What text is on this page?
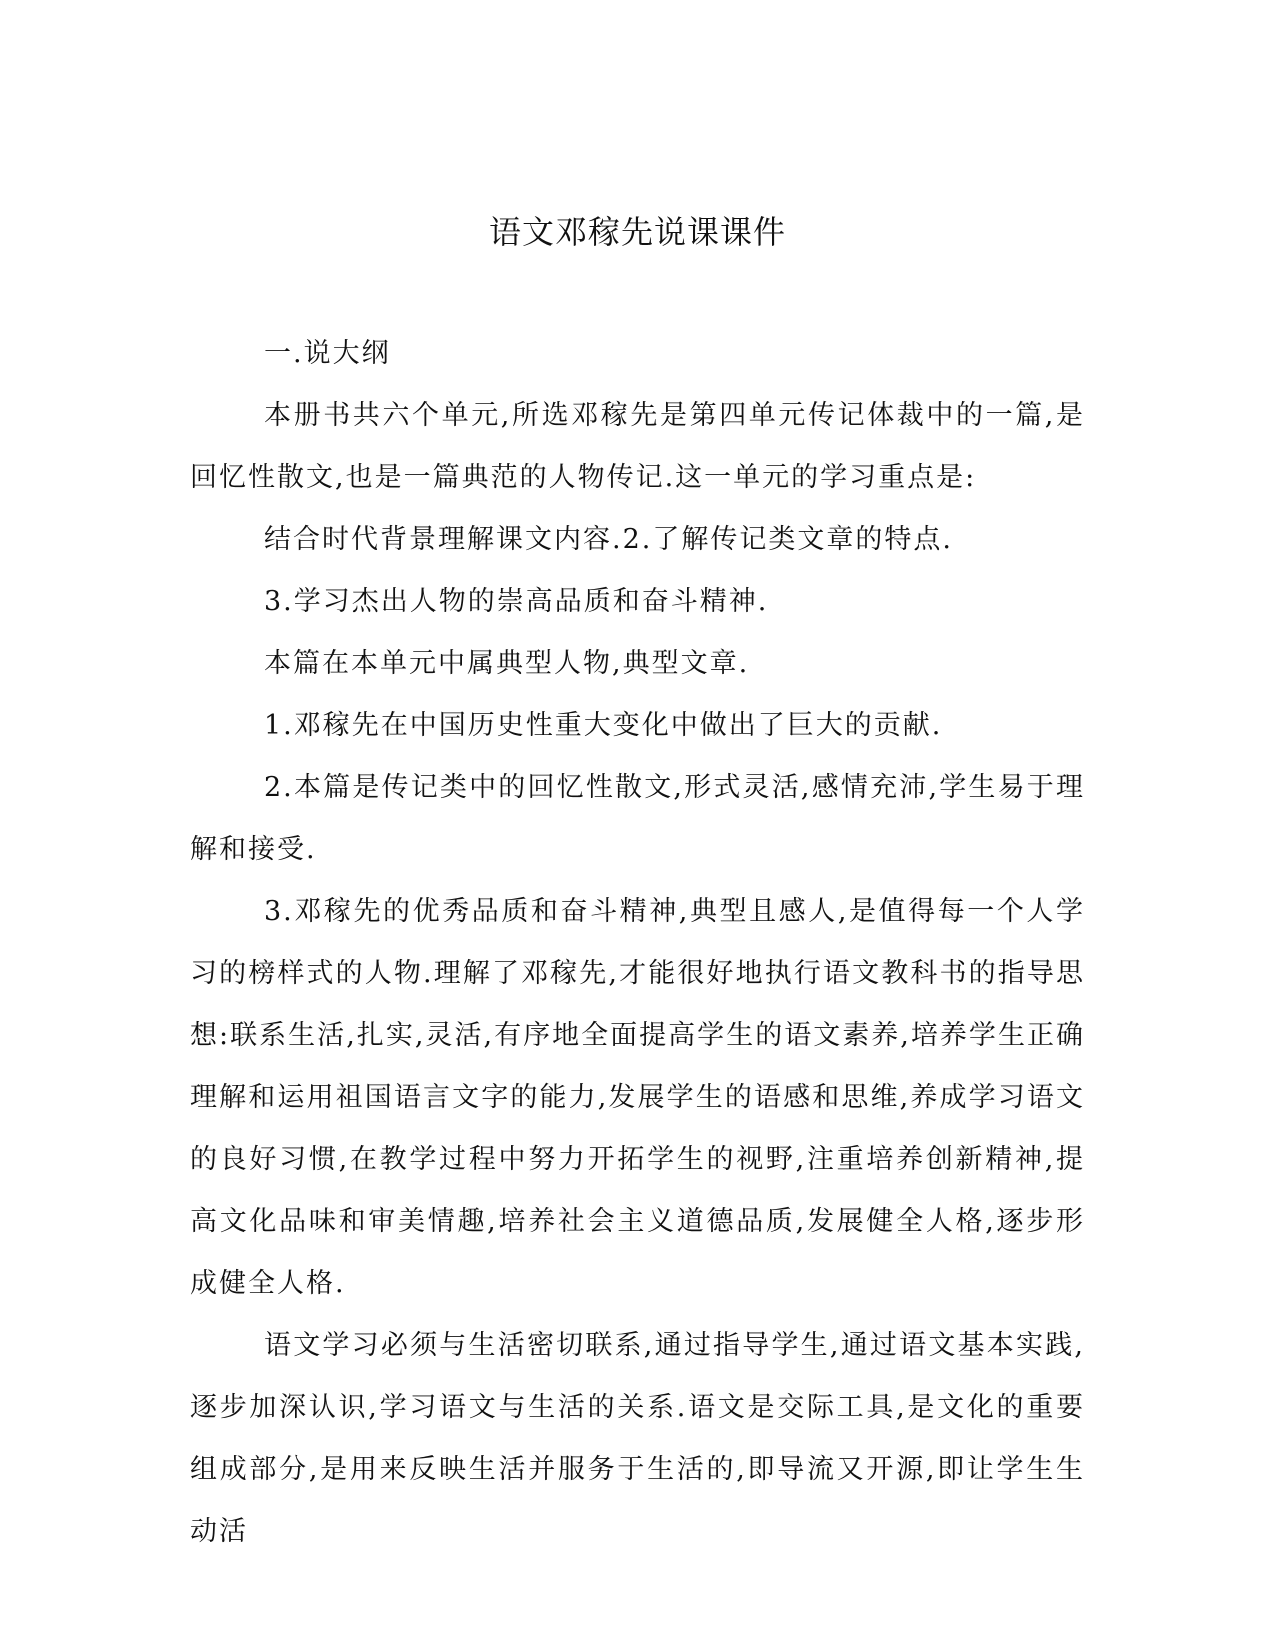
语文邓稼先说课课件

一.说大纲

本册书共六个单元,所选邓稼先是第四单元传记体裁中的一篇,是回忆性散文,也是一篇典范的人物传记.这一单元的学习重点是:

结合时代背景理解课文内容.2.了解传记类文章的特点.

3.学习杰出人物的崇高品质和奋斗精神.

本篇在本单元中属典型人物,典型文章.

1.邓稼先在中国历史性重大变化中做出了巨大的贡献.

2.本篇是传记类中的回忆性散文,形式灵活,感情充沛,学生易于理解和接受.

3.邓稼先的优秀品质和奋斗精神,典型且感人,是值得每一个人学习的榜样式的人物.理解了邓稼先,才能很好地执行语文教科书的指导思想:联系生活,扎实,灵活,有序地全面提高学生的语文素养,培养学生正确理解和运用祖国语言文字的能力,发展学生的语感和思维,养成学习语文的良好习惯,在教学过程中努力开拓学生的视野,注重培养创新精神,提高文化品味和审美情趣,培养社会主义道德品质,发展健全人格,逐步形成健全人格.

语文学习必须与生活密切联系,通过指导学生,通过语文基本实践,逐步加深认识,学习语文与生活的关系.语文是交际工具,是文化的重要组成部分,是用来反映生活并服务于生活的,即导流又开源,即让学生生动活
